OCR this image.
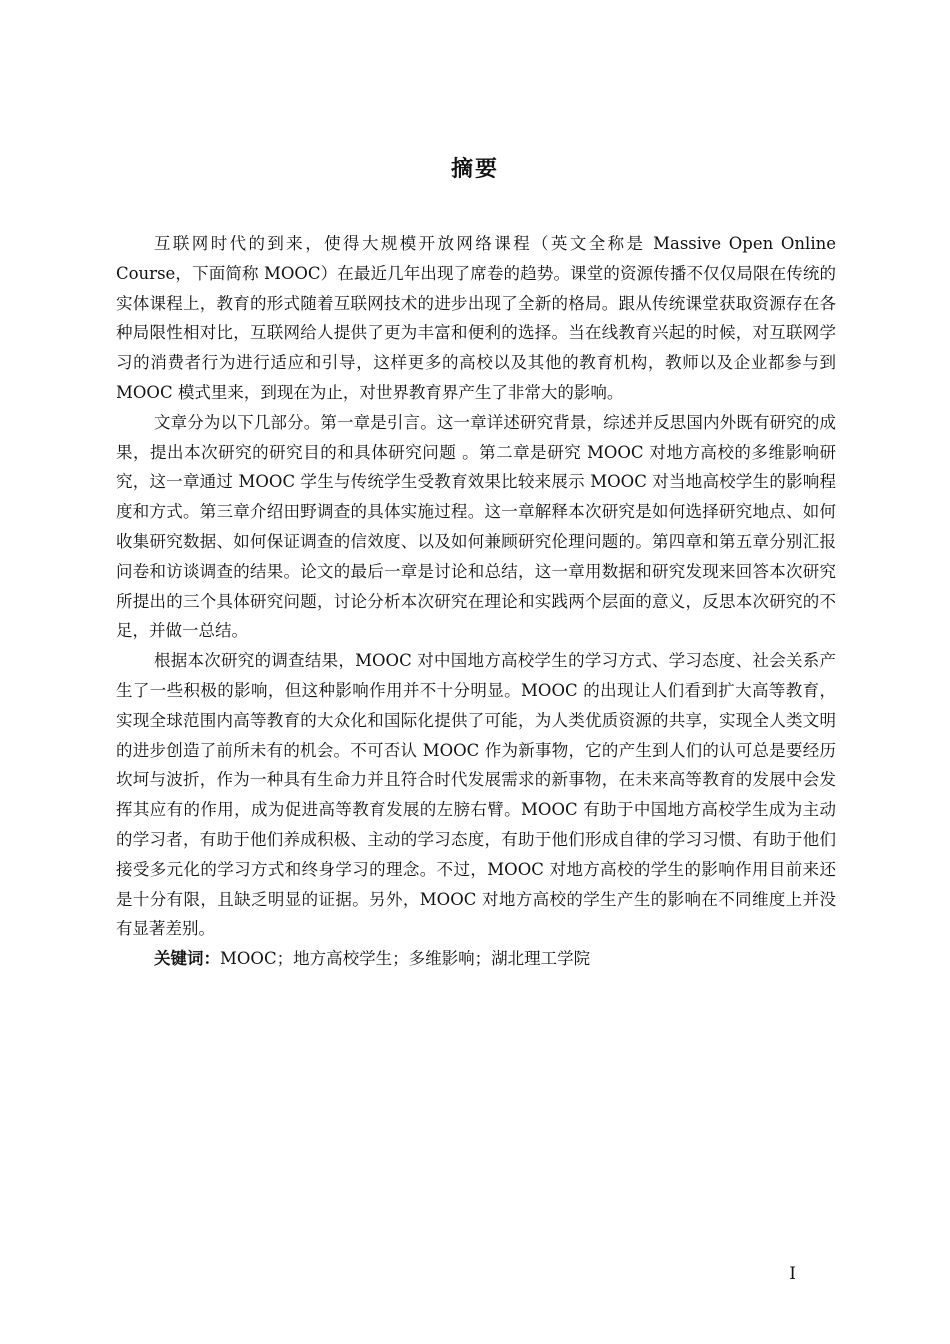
摘要

互联网时代的到来，使得大规模开放网络课程（英文全称是 Massive Open Online Course，下面简称 MOOC）在最近几年出现了席卷的趋势。课堂的资源传播不仅仅局限在传统的实体课程上，教育的形式随着互联网技术的进步出现了全新的格局。跟从传统课堂获取资源存在各种局限性相对比，互联网给人提供了更为丰富和便利的选择。当在线教育兴起的时候，对互联网学习的消费者行为进行适应和引导，这样更多的高校以及其他的教育机构，教师以及企业都参与到 MOOC 模式里来，到现在为止，对世界教育界产生了非常大的影响。

文章分为以下几部分。第一章是引言。这一章详述研究背景，综述并反思国内外既有研究的成果，提出本次研究的研究目的和具体研究问题 。第二章是研究 MOOC 对地方高校的多维影响研究，这一章通过 MOOC 学生与传统学生受教育效果比较来展示 MOOC 对当地高校学生的影响程度和方式。第三章介绍田野调查的具体实施过程。这一章解释本次研究是如何选择研究地点、如何收集研究数据、如何保证调查的信效度、以及如何兼顾研究伦理问题的。第四章和第五章分别汇报问卷和访谈调查的结果。论文的最后一章是讨论和总结，这一章用数据和研究发现来回答本次研究所提出的三个具体研究问题，讨论分析本次研究在理论和实践两个层面的意义，反思本次研究的不足，并做一总结。

根据本次研究的调查结果，MOOC 对中国地方高校学生的学习方式、学习态度、社会关系产生了一些积极的影响，但这种影响作用并不十分明显。MOOC 的出现让人们看到扩大高等教育，实现全球范围内高等教育的大众化和国际化提供了可能，为人类优质资源的共享，实现全人类文明的进步创造了前所未有的机会。不可否认 MOOC 作为新事物，它的产生到人们的认可总是要经历坎坷与波折，作为一种具有生命力并且符合时代发展需求的新事物，在未来高等教育的发展中会发挥其应有的作用，成为促进高等教育发展的左膀右臂。MOOC 有助于中国地方高校学生成为主动的学习者，有助于他们养成积极、主动的学习态度，有助于他们形成自律的学习习惯、有助于他们接受多元化的学习方式和终身学习的理念。不过，MOOC 对地方高校的学生的影响作用目前来还是十分有限，且缺乏明显的证据。另外，MOOC 对地方高校的学生产生的影响在不同维度上并没有显著差别。

关键词：MOOC；地方高校学生；多维影响；湖北理工学院

I
